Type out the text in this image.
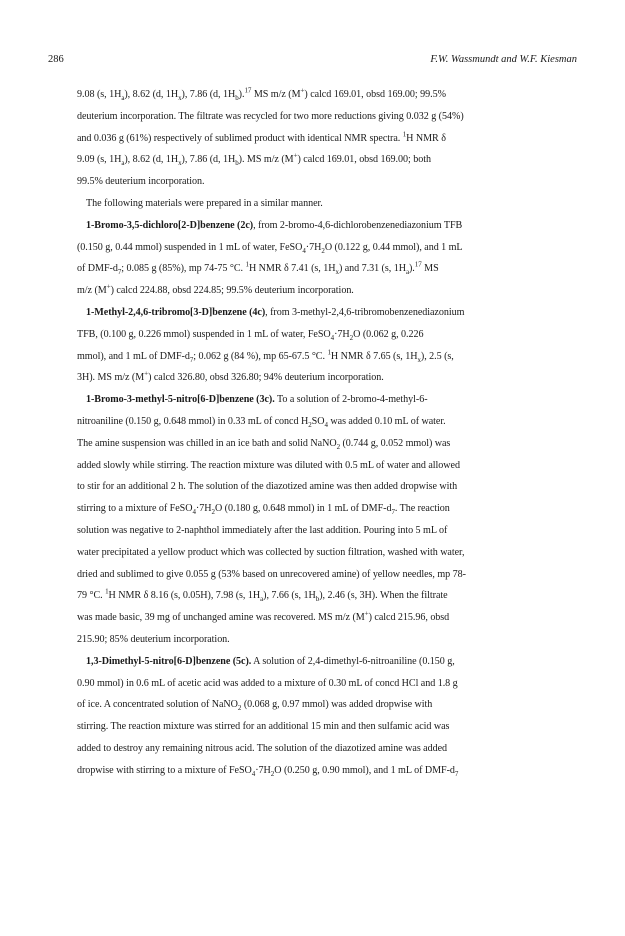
286	F.W. Wassmundt and W.F. Kiesman
9.08 (s, $1H_a$), 8.62 (d, $1H_x$), 7.86 (d, $1H_b).^{17}$ MS m/z (M+) calcd 169.01, obsd 169.00; 99.5%
deuterium incorporation. The filtrate was recycled for two more reductions giving 0.032 g (54%)
and 0.036 g (61%) respectively of sublimed product with identical NMR spectra. $^1$H NMR δ
9.09 (s, $1H_a$), 8.62 (d, $1H_x$), 7.86 (d, $1H_b$). MS m/z (M+) calcd 169.01, obsd 169.00; both
99.5% deuterium incorporation.
The following materials were prepared in a similar manner.
1-Bromo-3,5-dichloro[2-D]benzene (2c), from 2-bromo-4,6-dichlorobenzenediazonium TFB
(0.150 g, 0.44 mmol) suspended in 1 mL of water, $FeSO_4\cdot 7H_2O$ (0.122 g, 0.44 mmol), and 1 mL
of DMF-$d_7$; 0.085 g (85%), mp 74-75 °C. $^1$H NMR δ 7.41 (s, $1H_x$) and 7.31 (s, $1H_a).^{17}$ MS
m/z (M+) calcd 224.88, obsd 224.85; 99.5% deuterium incorporation.
1-Methyl-2,4,6-tribromo[3-D]benzene (4c), from 3-methyl-2,4,6-tribromobenzenediazonium
TFB, (0.100 g, 0.226 mmol) suspended in 1 mL of water, $FeSO_4\cdot 7H_2O$ (0.062 g, 0.226
mmol), and 1 mL of DMF-$d_7$; 0.062 g (84 %), mp 65-67.5 °C. $^1$H NMR δ 7.65 (s, $1H_x$), 2.5 (s,
3H). MS m/z (M+) calcd 326.80, obsd 326.80; 94% deuterium incorporation.
1-Bromo-3-methyl-5-nitro[6-D]benzene (3c). To a solution of 2-bromo-4-methyl-6-
nitroaniline (0.150 g, 0.648 mmol) in 0.33 mL of concd $H_2SO_4$ was added 0.10 mL of water.
The amine suspension was chilled in an ice bath and solid NaNO$_2$ (0.744 g, 0.052 mmol) was
added slowly while stirring. The reaction mixture was diluted with 0.5 mL of water and allowed
to stir for an additional 2 h. The solution of the diazotized amine was then added dropwise with
stirring to a mixture of $FeSO_4\cdot 7H_2O$ (0.180 g, 0.648 mmol) in 1 mL of DMF-$d_7$. The reaction
solution was negative to 2-naphthol immediately after the last addition. Pouring into 5 mL of
water precipitated a yellow product which was collected by suction filtration, washed with water,
dried and sublimed to give 0.055 g (53% based on unrecovered amine) of yellow needles, mp 78-
79 °C. $^1$H NMR δ 8.16 (s, 0.05H), 7.98 (s, $1H_a$), 7.66 (s, $1H_b$), 2.46 (s, 3H). When the filtrate
was made basic, 39 mg of unchanged amine was recovered. MS m/z (M+) calcd 215.96, obsd
215.90; 85% deuterium incorporation.
1,3-Dimethyl-5-nitro[6-D]benzene (5c). A solution of 2,4-dimethyl-6-nitroaniline (0.150 g,
0.90 mmol) in 0.6 mL of acetic acid was added to a mixture of 0.30 mL of concd HCl and 1.8 g
of ice. A concentrated solution of NaNO$_2$ (0.068 g, 0.97 mmol) was added dropwise with
stirring. The reaction mixture was stirred for an additional 15 min and then sulfamic acid was
added to destroy any remaining nitrous acid. The solution of the diazotized amine was added
dropwise with stirring to a mixture of $FeSO_4\cdot 7H_2O$ (0.250 g, 0.90 mmol), and 1 mL of DMF-$d_7$
